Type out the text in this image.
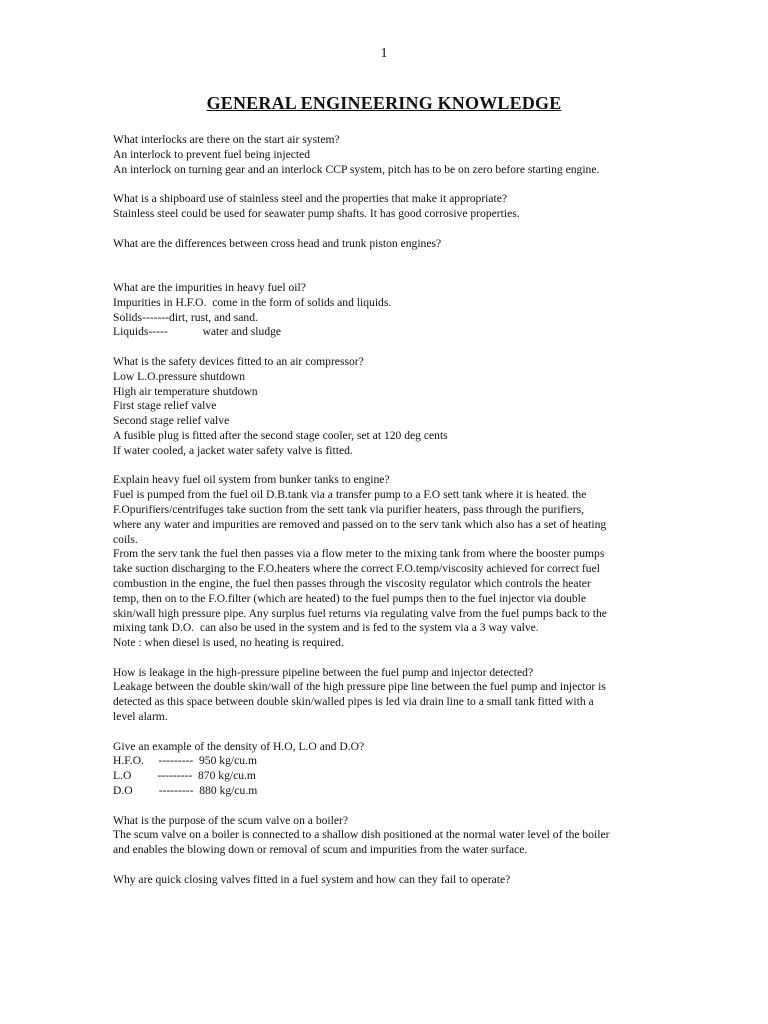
1
GENERAL ENGINEERING KNOWLEDGE
What interlocks are there on the start air system?
An interlock to prevent fuel being injected
An interlock on turning gear and an interlock CCP system, pitch has to be on zero before starting engine.
What is a shipboard use of stainless steel and the properties that make it appropriate?
Stainless steel could be used for seawater pump shafts. It has good corrosive properties.
What are the differences between cross head and trunk piston engines?
What are the impurities in heavy fuel oil?
Impurities in H.F.O.  come in the form of solids and liquids.
Solids-------dirt, rust, and sand.
Liquids-----            water and sludge
What is the safety devices fitted to an air compressor?
Low L.O.pressure shutdown
High air temperature shutdown
First stage relief valve
Second stage relief valve
A fusible plug is fitted after the second stage cooler, set at 120 deg cents
If water cooled, a jacket water safety valve is fitted.
Explain heavy fuel oil system from bunker tanks to engine?
Fuel is pumped from the fuel oil D.B.tank via a transfer pump to a F.O sett tank where it is heated. the
F.Opurifiers/centrifuges take suction from the sett tank via purifier heaters, pass through the purifiers,
where any water and impurities are removed and passed on to the serv tank which also has a set of heating
coils.
From the serv tank the fuel then passes via a flow meter to the mixing tank from where the booster pumps
take suction discharging to the F.O.heaters where the correct F.O.temp/viscosity achieved for correct fuel
combustion in the engine, the fuel then passes through the viscosity regulator which controls the heater
temp, then on to the F.O.filter (which are heated) to the fuel pumps then to the fuel injector via double
skin/wall high pressure pipe. Any surplus fuel returns via regulating valve from the fuel pumps back to the
mixing tank D.O.  can also be used in the system and is fed to the system via a 3 way valve.
Note : when diesel is used, no heating is required.
How is leakage in the high-pressure pipeline between the fuel pump and injector detected?
Leakage between the double skin/wall of the high pressure pipe line between the fuel pump and injector is
detected as this space between double skin/walled pipes is led via drain line to a small tank fitted with a
level alarm.
Give an example of the density of H.O, L.O and D.O?
H.F.O.     ---------  950 kg/cu.m
L.O         ---------  870 kg/cu.m
D.O         ---------  880 kg/cu.m
What is the purpose of the scum valve on a boiler?
The scum valve on a boiler is connected to a shallow dish positioned at the normal water level of the boiler
and enables the blowing down or removal of scum and impurities from the water surface.
Why are quick closing valves fitted in a fuel system and how can they fail to operate?
